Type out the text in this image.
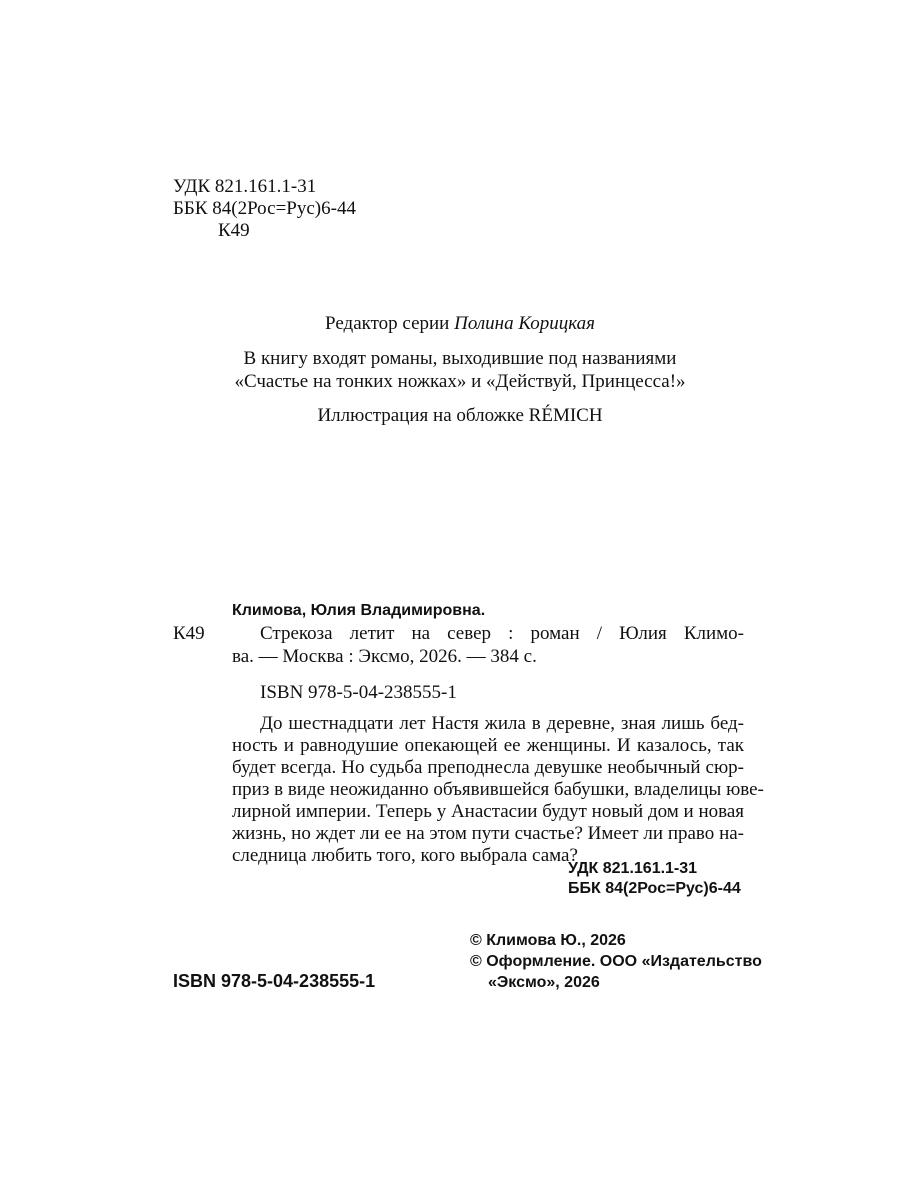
УДК 821.161.1-31
ББК 84(2Рос=Рус)6-44
К49
Редактор серии Полина Корицкая
В книгу входят романы, выходившие под названиями
«Счастье на тонких ножках» и «Действуй, Принцесса!»
Иллюстрация на обложке RÉMICH
Климова, Юлия Владимировна.
К49	Стрекоза летит на север : роман / Юлия Климо-
ва. — Москва : Эксмо, 2026. — 384 с.
ISBN 978-5-04-238555-1
До шестнадцати лет Настя жила в деревне, зная лишь бед-
ность и равнодушие опекающей ее женщины. И казалось, так
будет всегда. Но судьба преподнесла девушке необычный сюр-
приз в виде неожиданно объявившейся бабушки, владелицы юве-
лирной империи. Теперь у Анастасии будут новый дом и новая
жизнь, но ждет ли ее на этом пути счастье? Имеет ли право на-
следница любить того, кого выбрала сама?
УДК 821.161.1-31
ББК 84(2Рос=Рус)6-44
ISBN 978-5-04-238555-1
© Климова Ю., 2026
© Оформление. ООО «Издательство
«Эксмо», 2026
